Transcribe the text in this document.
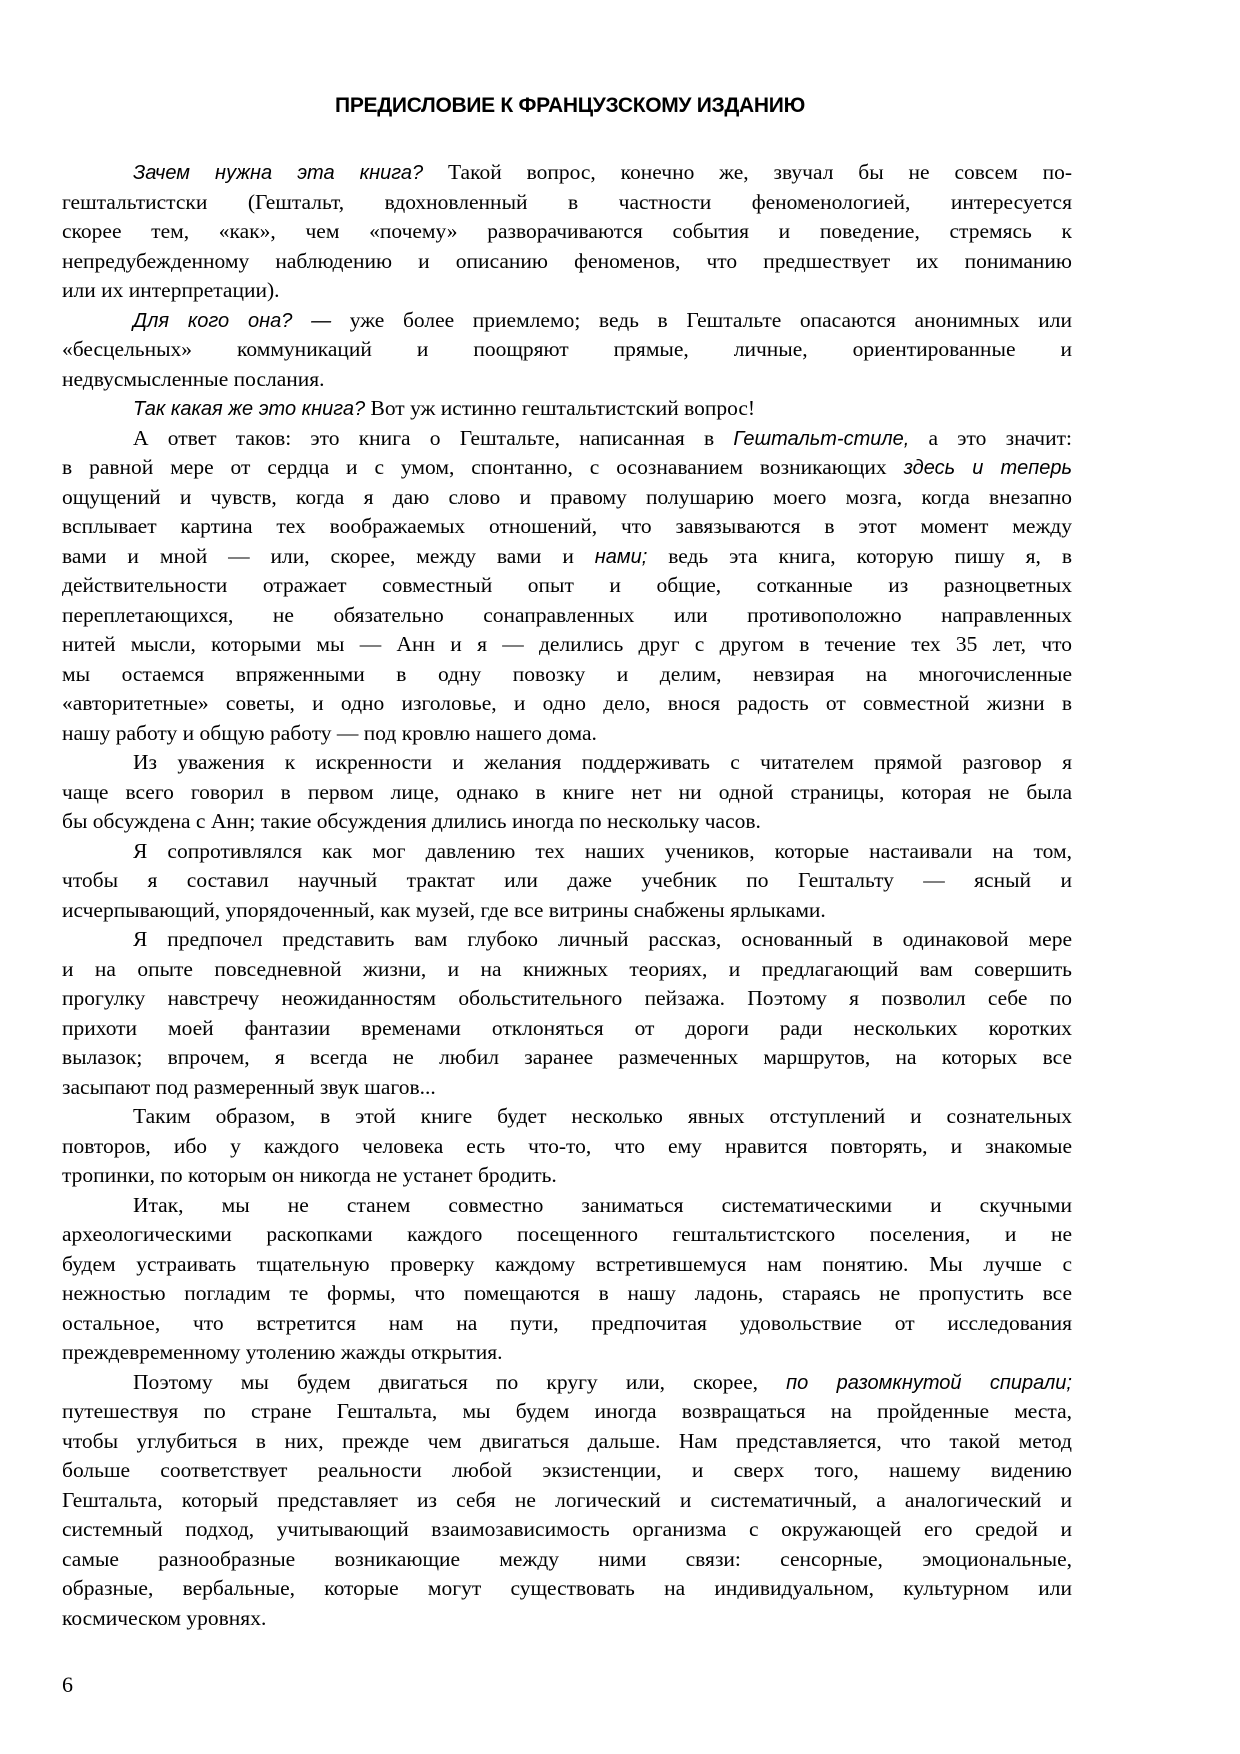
ПРЕДИСЛОВИЕ К ФРАНЦУЗСКОМУ ИЗДАНИЮ
Зачем нужна эта книга? Такой вопрос, конечно же, звучал бы не совсем по-
гештальтистски (Гештальт, вдохновленный в частности феноменологией, интересуется
скорее тем, «как», чем «почему» разворачиваются события и поведение, стремясь к
непредубежденному наблюдению и описанию феноменов, что предшествует их пониманию
или их интерпретации).
Для кого она? — уже более приемлемо; ведь в Гештальте опасаются анонимных или
«бесцельных» коммуникаций и поощряют прямые, личные, ориентированные и
недвусмысленные послания.
Так какая же это книга? Вот уж истинно гештальтистский вопрос!
А ответ таков: это книга о Гештальте, написанная в Гештальт-стиле, а это значит:
в равной мере от сердца и с умом, спонтанно, с осознаванием возникающих здесь и теперь
ощущений и чувств, когда я даю слово и правому полушарию моего мозга, когда внезапно
всплывает картина тех воображаемых отношений, что завязываются в этот момент между
вами и мной — или, скорее, между вами и нами; ведь эта книга, которую пишу я, в
действительности отражает совместный опыт и общие, сотканные из разноцветных
переплетающихся, не обязательно сонаправленных или противоположно направленных
нитей мысли, которыми мы — Анн и я — делились друг с другом в течение тех 35 лет, что
мы остаемся впряженными в одну повозку и делим, невзирая на многочисленные
«авторитетные» советы, и одно изголовье, и одно дело, внося радость от совместной жизни в
нашу работу и общую работу — под кровлю нашего дома.
Из уважения к искренности и желания поддерживать с читателем прямой разговор я
чаще всего говорил в первом лице, однако в книге нет ни одной страницы, которая не была
бы обсуждена с Анн; такие обсуждения длились иногда по нескольку часов.
Я сопротивлялся как мог давлению тех наших учеников, которые настаивали на том,
чтобы я составил научный трактат или даже учебник по Гештальту — ясный и
исчерпывающий, упорядоченный, как музей, где все витрины снабжены ярлыками.
Я предпочел представить вам глубоко личный рассказ, основанный в одинаковой мере
и на опыте повседневной жизни, и на книжных теориях, и предлагающий вам совершить
прогулку навстречу неожиданностям обольстительного пейзажа. Поэтому я позволил себе по
прихоти моей фантазии временами отклоняться от дороги ради нескольких коротких
вылазок; впрочем, я всегда не любил заранее размеченных маршрутов, на которых все
засыпают под размеренный звук шагов...
Таким образом, в этой книге будет несколько явных отступлений и сознательных
повторов, ибо у каждого человека есть что-то, что ему нравится повторять, и знакомые
тропинки, по которым он никогда не устанет бродить.
Итак, мы не станем совместно заниматься систематическими и скучными
археологическими раскопками каждого посещенного гештальтистского поселения, и не
будем устраивать тщательную проверку каждому встретившемуся нам понятию. Мы лучше с
нежностью погладим те формы, что помещаются в нашу ладонь, стараясь не пропустить все
остальное, что встретится нам на пути, предпочитая удовольствие от исследования
преждевременному утолению жажды открытия.
Поэтому мы будем двигаться по кругу или, скорее, по разомкнутой спирали;
путешествуя по стране Гештальта, мы будем иногда возвращаться на пройденные места,
чтобы углубиться в них, прежде чем двигаться дальше. Нам представляется, что такой метод
больше соответствует реальности любой экзистенции, и сверх того, нашему видению
Гештальта, который представляет из себя не логический и систематичный, а аналогический и
системный подход, учитывающий взаимозависимость организма с окружающей его средой и
самые разнообразные возникающие между ними связи: сенсорные, эмоциональные,
образные, вербальные, которые могут существовать на индивидуальном, культурном или
космическом уровнях.
6
